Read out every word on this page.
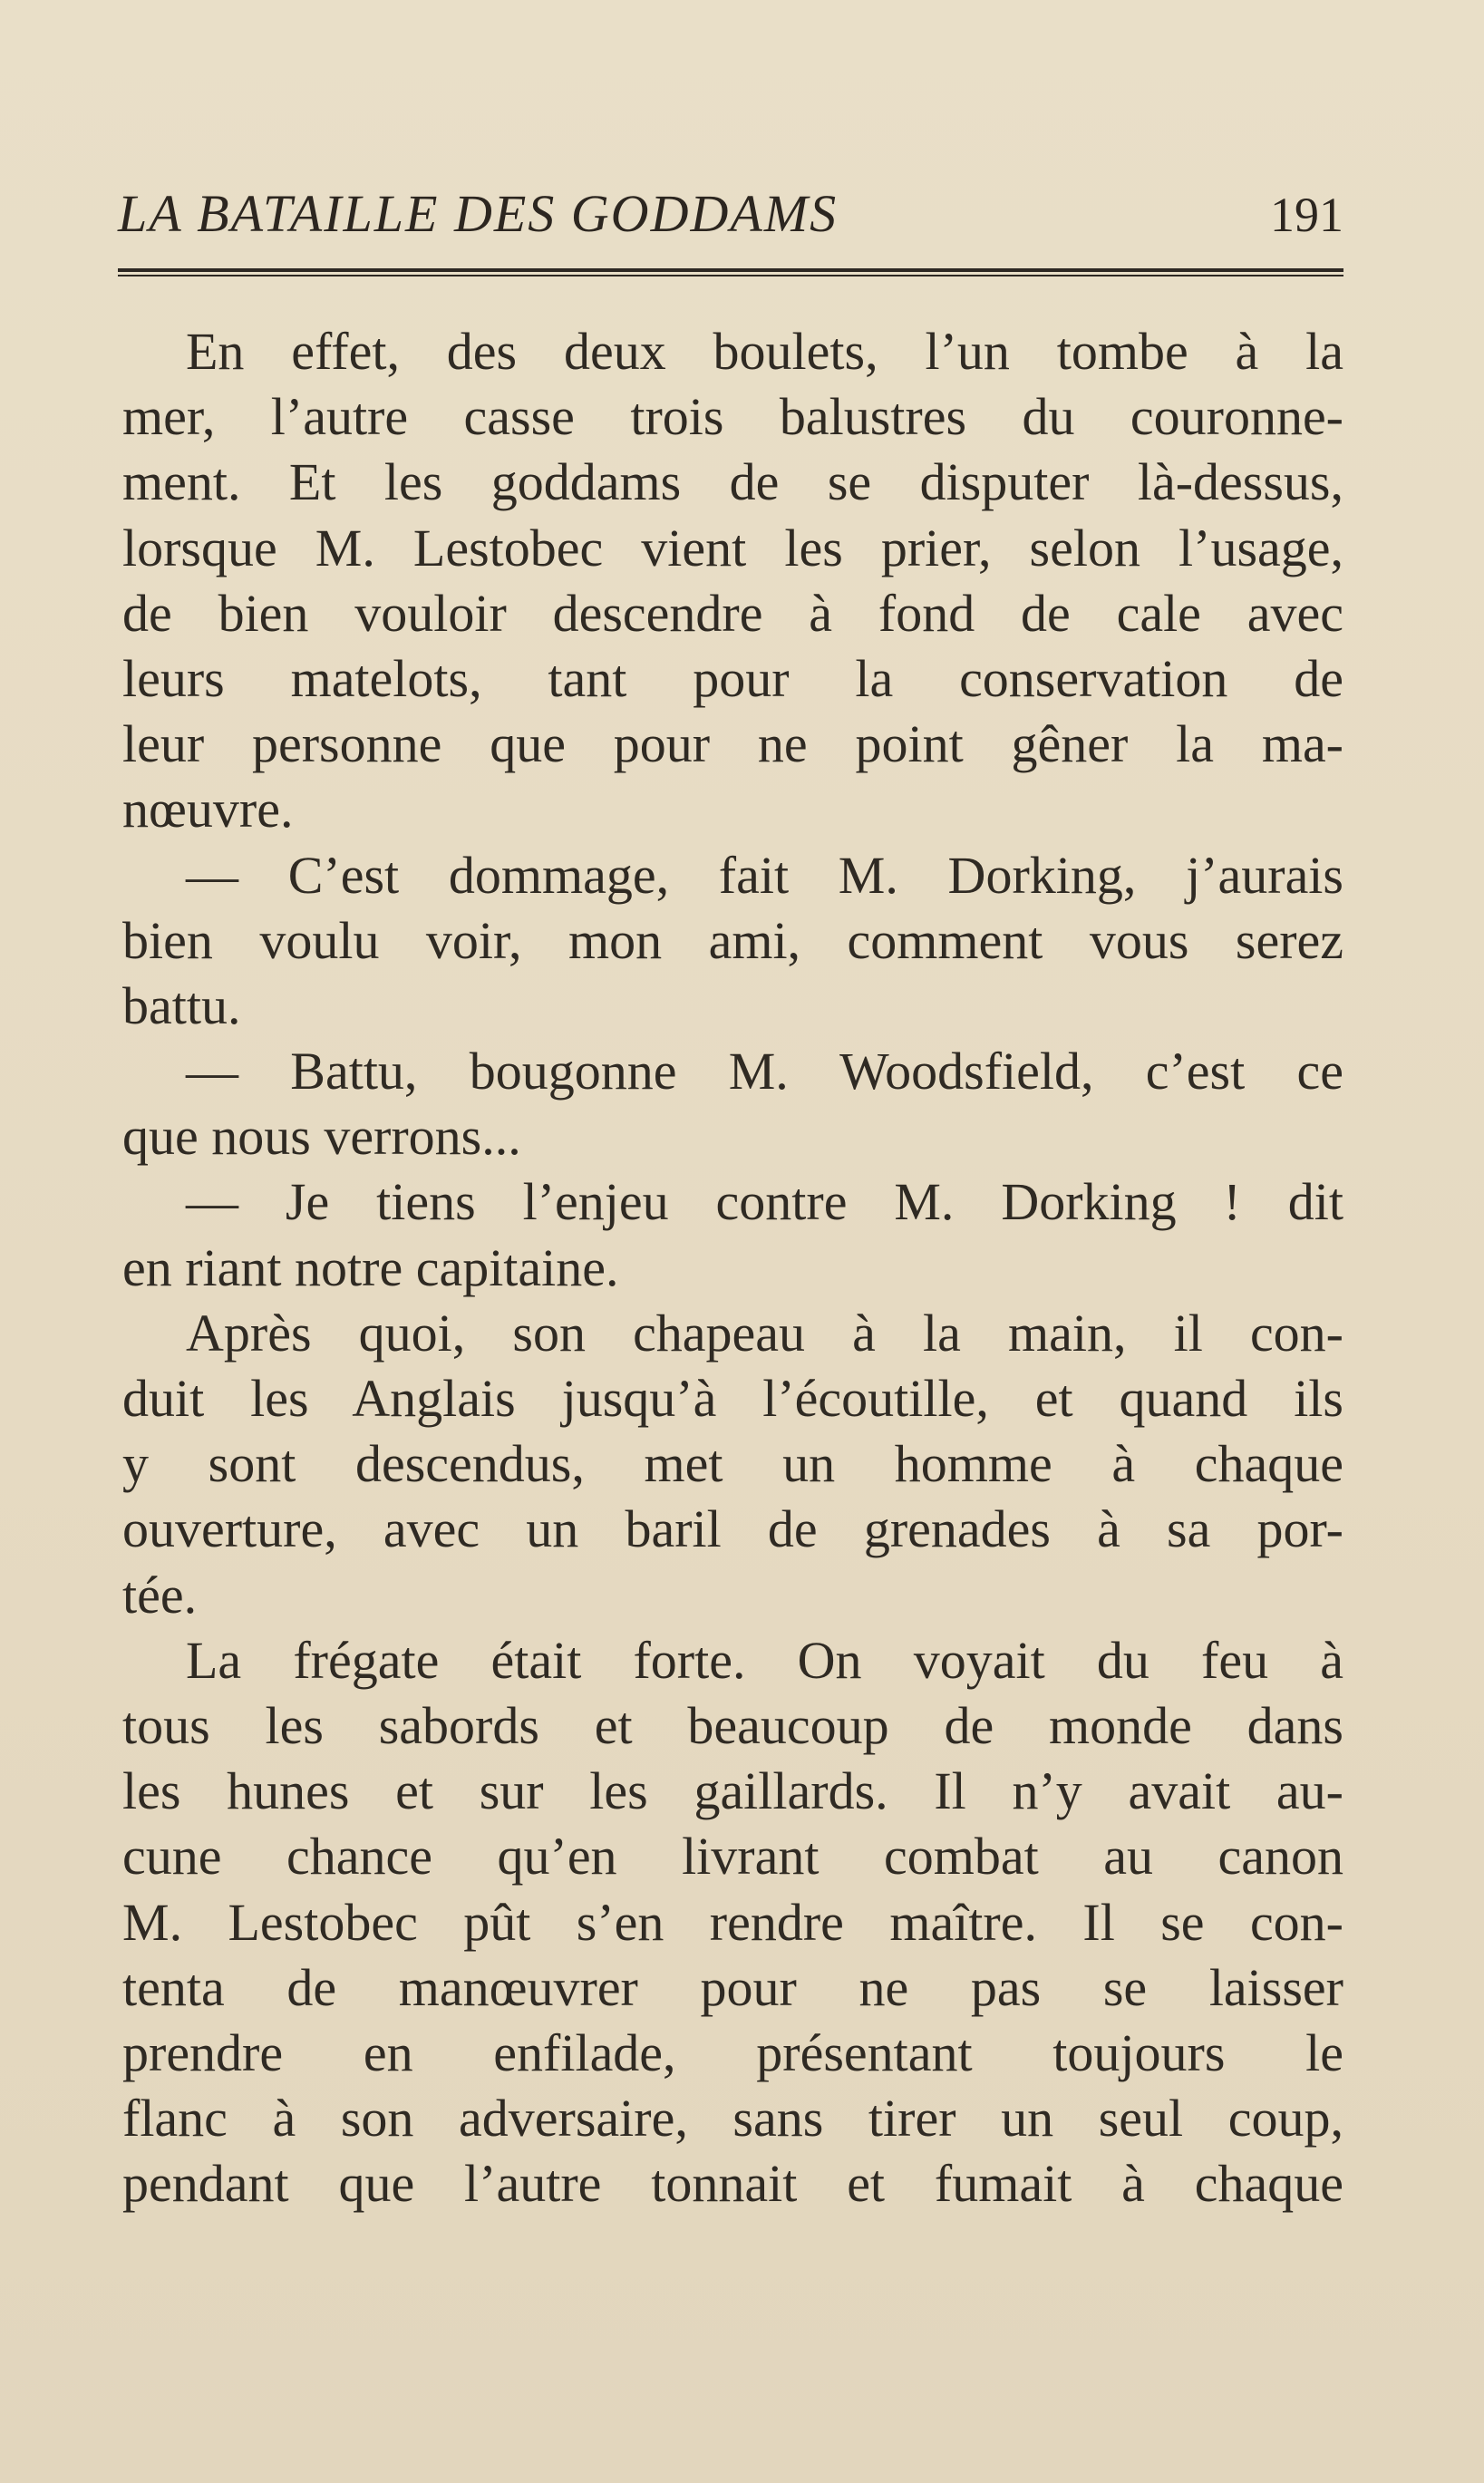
LA BATAILLE DES GODDAMS	191
En effet, des deux boulets, l’un tombe à la
mer, l’autre casse trois balustres du couronne-
ment. Et les goddams de se disputer là-dessus,
lorsque M. Lestobec vient les prier, selon l’usage,
de bien vouloir descendre à fond de cale avec
leurs matelots, tant pour la conservation de
leur personne que pour ne point gêner la ma-
nœuvre.
— C’est dommage, fait M. Dorking, j’aurais
bien voulu voir, mon ami, comment vous serez
battu.
— Battu, bougonne M. Woodsfield, c’est ce
que nous verrons...
— Je tiens l’enjeu contre M. Dorking ! dit
en riant notre capitaine.
Après quoi, son chapeau à la main, il con-
duit les Anglais jusqu’à l’écoutille, et quand ils
y sont descendus, met un homme à chaque
ouverture, avec un baril de grenades à sa por-
tée.
La frégate était forte. On voyait du feu à
tous les sabords et beaucoup de monde dans
les hunes et sur les gaillards. Il n’y avait au-
cune chance qu’en livrant combat au canon
M. Lestobec pût s’en rendre maître. Il se con-
tenta de manœuvrer pour ne pas se laisser
prendre en enfilade, présentant toujours le
flanc à son adversaire, sans tirer un seul coup,
pendant que l’autre tonnait et fumait à chaque
